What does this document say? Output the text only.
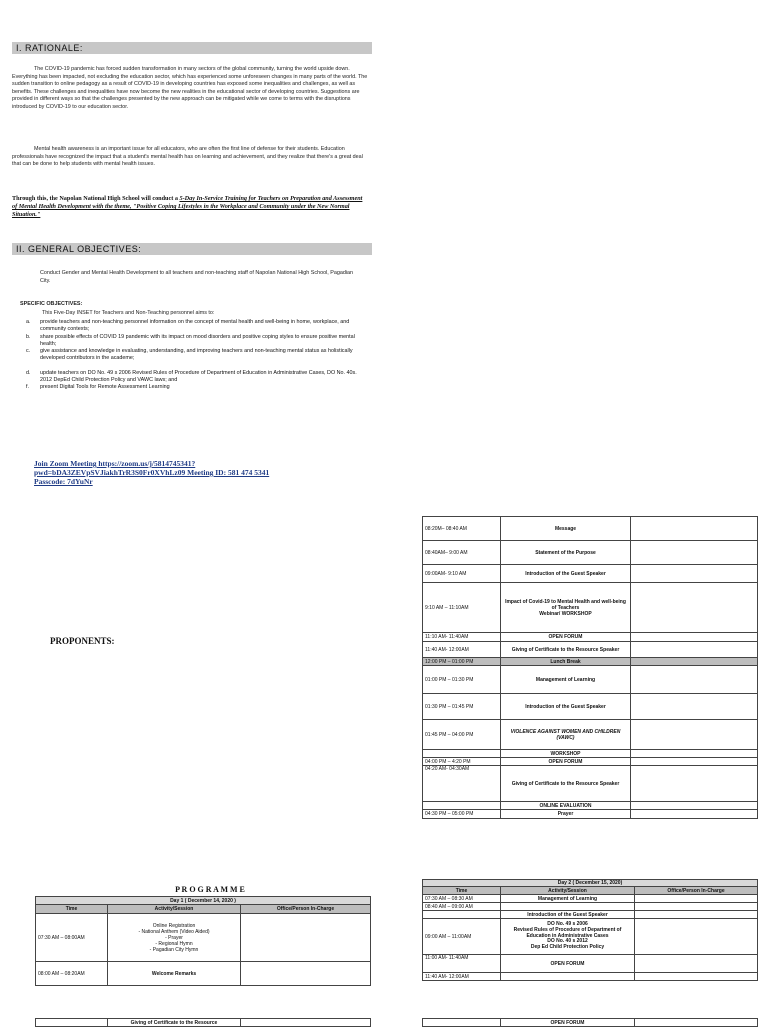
I. RATIONALE:
The COVID-19 pandemic has forced sudden transformation in many sectors of the global community, turning the world upside down. Everything has been impacted, not excluding the education sector, which has experienced some unforeseen changes in many parts of the world. The sudden transition to online pedagogy as a result of COVID-19 in developing countries has exposed some inequalities and challenges, as well as benefits. These challenges and inequalities have now become the new realities in the educational sector of developing countries. Suggestions are provided in different ways so that the challenges presented by the new approach can be mitigated while we come to terms with the disruptions introduced by COVID-19 to our education sector.
Mental health awareness is an important issue for all educators, who are often the first line of defense for their students. Education professionals have recognized the impact that a student's mental health has on learning and achievement, and they realize that there's a great deal that can be done to help students with mental health issues.
Through this, the Napolan National High School will conduct a 5-Day In-Service Training for Teachers on Preparation and Assessment of Mental Health Development with the theme, "Positive Coping Lifestyles in the Workplace and Community under the New Normal Situation."
II. GENERAL OBJECTIVES:
Conduct Gender and Mental Health Development to all teachers and non-teaching staff of Napolan National High School, Pagadian City.
SPECIFIC OBJECTIVES:
This Five-Day INSET for Teachers and Non-Teaching personnel aims to:
a.	provide teachers and non-teaching personnel information on the concept of mental health and well-being in home, workplace, and community contexts;
b.	share possible effects of COVID 19 pandemic with its impact on mood disorders and positive coping styles to ensure positive mental health;
c.	give assistance and knowledge in evaluating, understanding, and improving teachers and non-teaching mental status as holistically developed contributors in the academe;
d.	update teachers on DO No. 49 s 2006 Revised Rules of Procedure of Department of Education in Administrative Cases, DO No. 40s. 2012 DepEd Child Protection Policy and VAWC laws; and
f.	present Digital Tools for Remote Assessment Learning
Join Zoom Meeting https://zoom.us/j/5814745341?
pwd=bDA3ZEVpSVJiakhTrR3S0Fr0XVhLz09 Meeting ID: 581 474 5341
Passcode: 7dYuNr
PROPONENTS:
P R O G R A M M E
Day 1 ( December 14, 2020 )		
Time	Activity/Session	Office/Person In-Charge
07:30 AM – 08:00AM	Online Registration
- National Anthem (Video Aided)
- Prayer
- Regional Hymn
- Pagadian City Hymn	
08:00 AM – 08:20AM	Welcome Remarks	
	Giving of Certificate to the Resource	
08:20M– 08:40 AM	Message	
08:40AM– 9:00 AM	Statement of the Purpose	
09:00AM- 9:10 AM	Introduction of the Guest Speaker	
9:10 AM – 11:10AM	Impact of Covid-19 to Mental Health and well-being of Teachers
Webinar/ WORKSHOP	
11:10 AM- 11:40AM	OPEN FORUM	
11:40 AM- 12:00AM	Giving of Certificate to the Resource Speaker	
12:00 PM – 01:00 PM	Lunch Break	
01:00 PM – 01:30 PM	Management of Learning	
01:30 PM – 01:45 PM	Introduction of the Guest Speaker	
01:45 PM – 04:00 PM	VIOLENCE AGAINST WOMEN AND CHILDREN (VAWC)	
	WORKSHOP	
04:00 PM – 4:20 PM	OPEN FORUM	
04:20 AM- 04:30AM	Giving of Certificate to the Resource Speaker	
	ONLINE EVALUATION	
04:30 PM – 05:00 PM	Prayer	
Day 2 ( December 15, 2020)		
Time	Activity/Session	Office/Person In-Charge
07:30 AM – 08:30 AM	Management of Learning	
08:40 AM – 09:00 AM		
	Introduction of the Guest Speaker	
09:00 AM – 11:00AM	DO No. 49 s 2006
Revised Rules of Procedure of Department of Education in Administrative Cases
DO No. 40 s 2012
Dep Ed Child Protection Policy	
11:00 AM- 11:40AM	OPEN FORUM	
11:40 AM- 12:00AM		
	OPEN FORUM	
